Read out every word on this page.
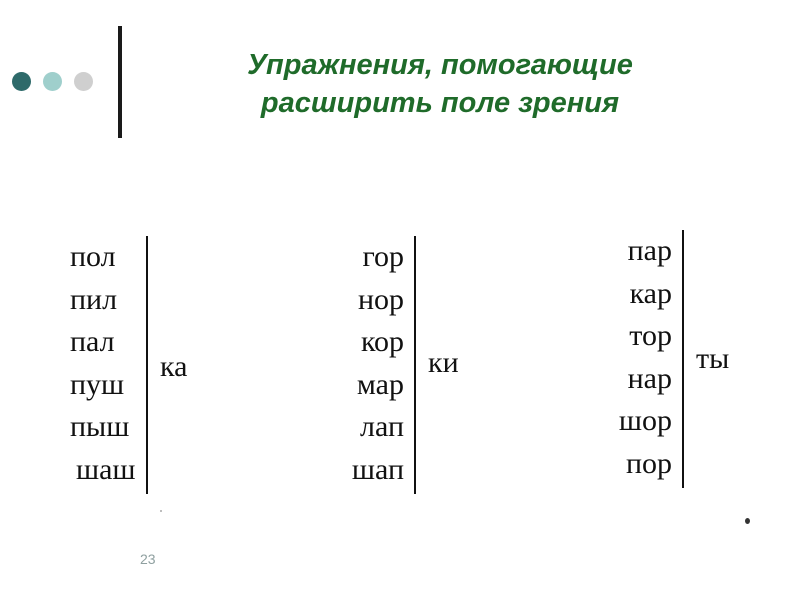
Упражнения, помогающие
расширить поле зрения
пол
пил
пал
пуш
пыш
шаш
ка
гор
нор
кор
мар
лап
шап
ки
пар
кар
тор
нар
шор
пор
ты
23
